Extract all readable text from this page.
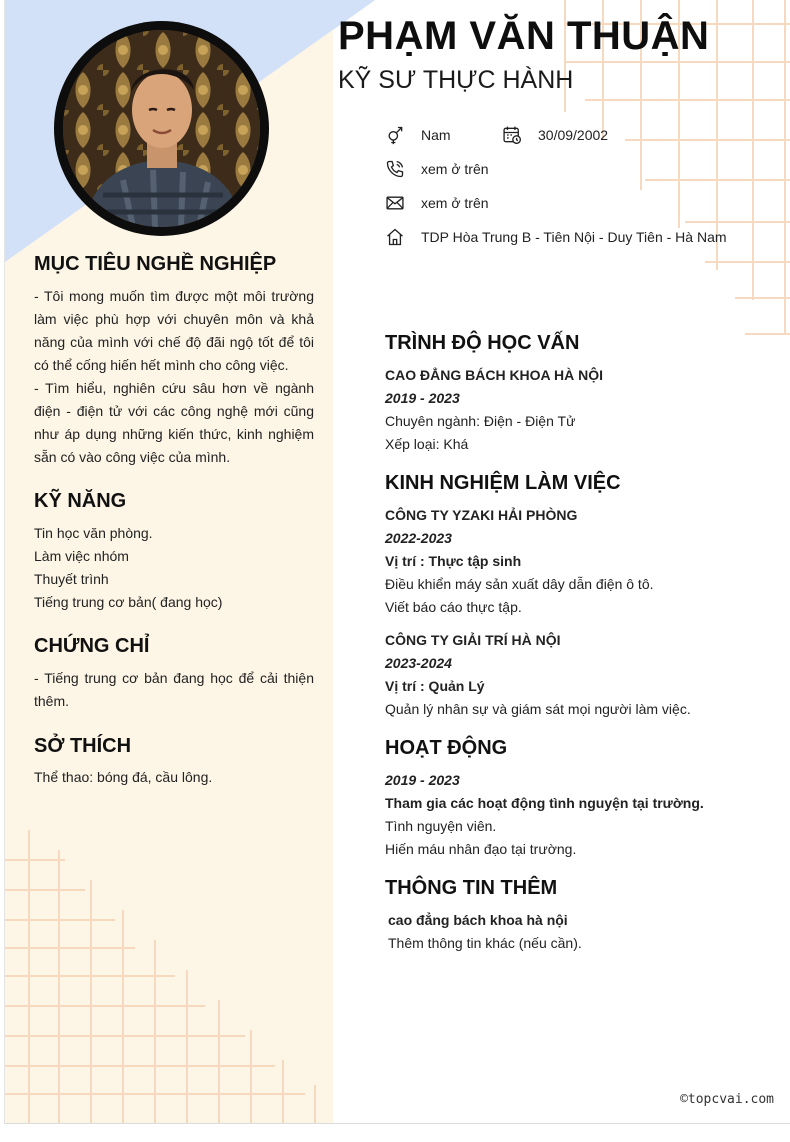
PHẠM VĂN THUẬN
KỸ SƯ THỰC HÀNH
Nam	30/09/2002
xem ở trên
xem ở trên
TDP Hòa Trung B - Tiên Nội - Duy Tiên - Hà Nam
MỤC TIÊU NGHỀ NGHIỆP
- Tôi mong muốn tìm được một môi trường làm việc phù hợp với chuyên môn và khả năng của mình với chế độ đãi ngộ tốt để tôi có thể cống hiến hết mình cho công việc.
- Tìm hiểu, nghiên cứu sâu hơn về ngành điện - điện tử với các công nghệ mới cũng như áp dụng những kiến thức, kinh nghiệm sẵn có vào công việc của mình.
KỸ NĂNG
Tin học văn phòng.
Làm việc nhóm
Thuyết trình
Tiếng trung cơ bản( đang học)
CHỨNG CHỈ
- Tiếng trung cơ bản đang học để cải thiện thêm.
SỞ THÍCH
Thể thao: bóng đá, cầu lông.
TRÌNH ĐỘ HỌC VẤN
CAO ĐẲNG BÁCH KHOA HÀ NỘI
2019 - 2023
Chuyên ngành: Điện - Điện Tử
Xếp loại: Khá
KINH NGHIỆM LÀM VIỆC
CÔNG TY YZAKI HẢI PHÒNG
2022-2023
Vị trí : Thực tập sinh
Điều khiển máy sản xuất dây dẫn điện ô tô.
Viết báo cáo thực tập.
CÔNG TY GIẢI TRÍ HÀ NỘI
2023-2024
Vị trí : Quản Lý
Quản lý nhân sự và giám sát mọi người làm việc.
HOẠT ĐỘNG
2019 - 2023
Tham gia các hoạt động tình nguyện tại trường.
Tình nguyện viên.
Hiến máu nhân đạo tại trường.
THÔNG TIN THÊM
cao đẳng bách khoa hà nội
Thêm thông tin khác (nếu cần).
©topcvai.com
